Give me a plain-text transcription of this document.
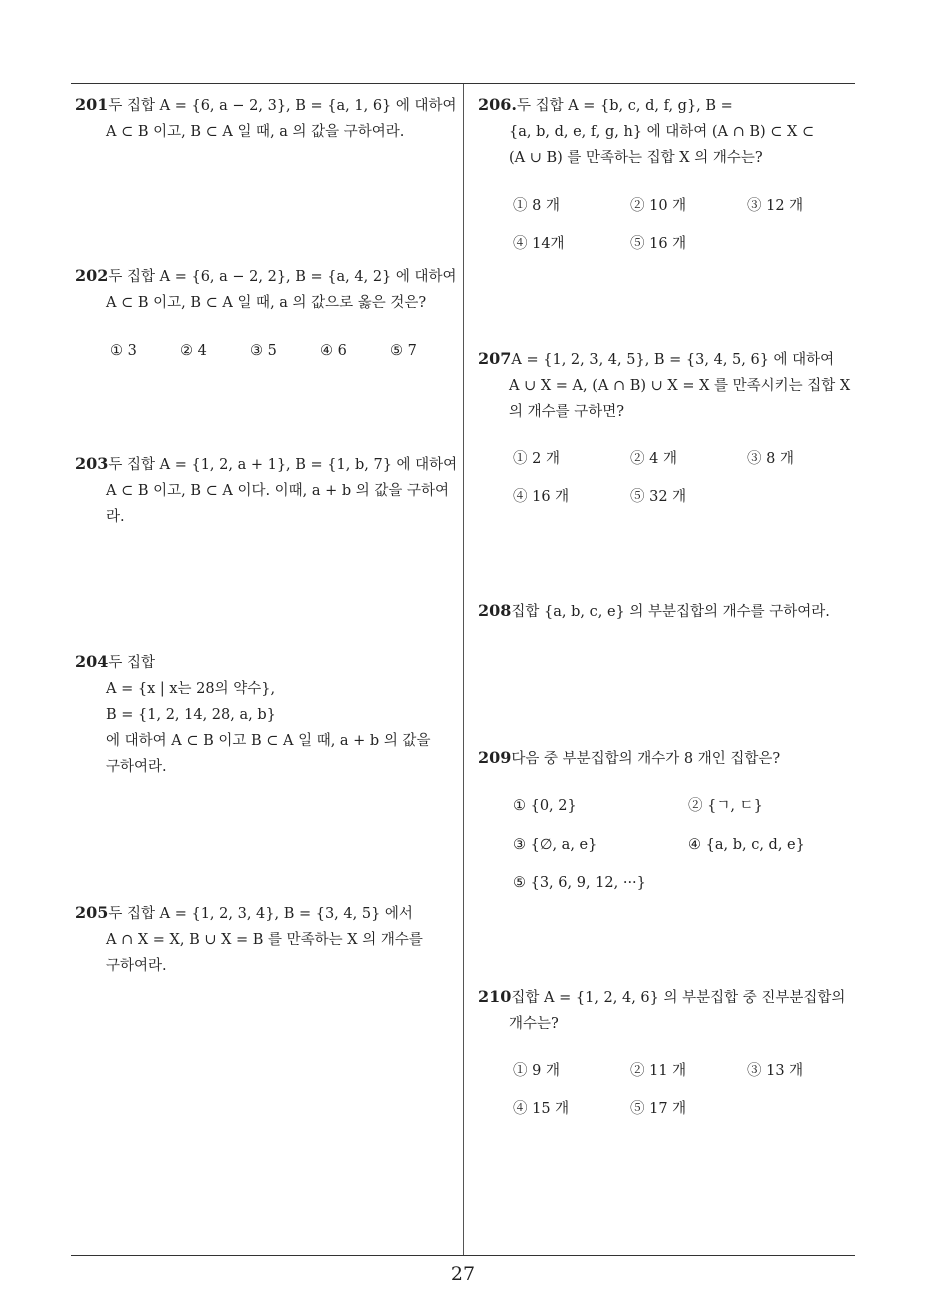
201두 집합 A = {6, a − 2, 3}, B = {a, 1, 6} 에 대하여
A ⊂ B 이고, B ⊂ A 일 때, a 의 값을 구하여라.
202두 집합 A = {6, a − 2, 2}, B = {a, 4, 2} 에 대하여
A ⊂ B 이고, B ⊂ A 일 때, a 의 값으로 옳은 것은?
① 3	② 4	③ 5	④ 6	⑤ 7
203두 집합 A = {1, 2, a + 1}, B = {1, b, 7} 에 대하여
A ⊂ B 이고, B ⊂ A 이다. 이때, a + b 의 값을 구하여
라.
204두 집합
A = {x | x는 28의 약수},
B = {1, 2, 14, 28, a, b}
에 대하여 A ⊂ B 이고 B ⊂ A 일 때, a + b 의 값을
구하여라.
205두 집합 A = {1, 2, 3, 4}, B = {3, 4, 5} 에서
A ∩ X = X, B ∪ X = B 를 만족하는 X 의 개수를
구하여라.
206.두 집합 A = {b, c, d, f, g}, B =
{a, b, d, e, f, g, h} 에 대하여 (A ∩ B) ⊂ X ⊂
(A ∪ B) 를 만족하는 집합 X 의 개수는?
① 8 개	② 10 개	③ 12 개
④ 14개	⑤ 16 개
207A = {1, 2, 3, 4, 5}, B = {3, 4, 5, 6} 에 대하여
A ∪ X = A, (A ∩ B) ∪ X = X 를 만족시키는 집합 X
의 개수를 구하면?
① 2 개	② 4 개	③ 8 개
④ 16 개	⑤ 32 개
208집합 {a, b, c, e} 의 부분집합의 개수를 구하여라.
209다음 중 부분집합의 개수가 8 개인 집합은?
① {0, 2}	② {ㄱ, ㄷ}
③ {∅, a, e}	④ {a, b, c, d, e}
⑤ {3, 6, 9, 12, ···}
210집합 A = {1, 2, 4, 6} 의 부분집합 중 진부분집합의
개수는?
① 9 개	② 11 개	③ 13 개
④ 15 개	⑤ 17 개
27
